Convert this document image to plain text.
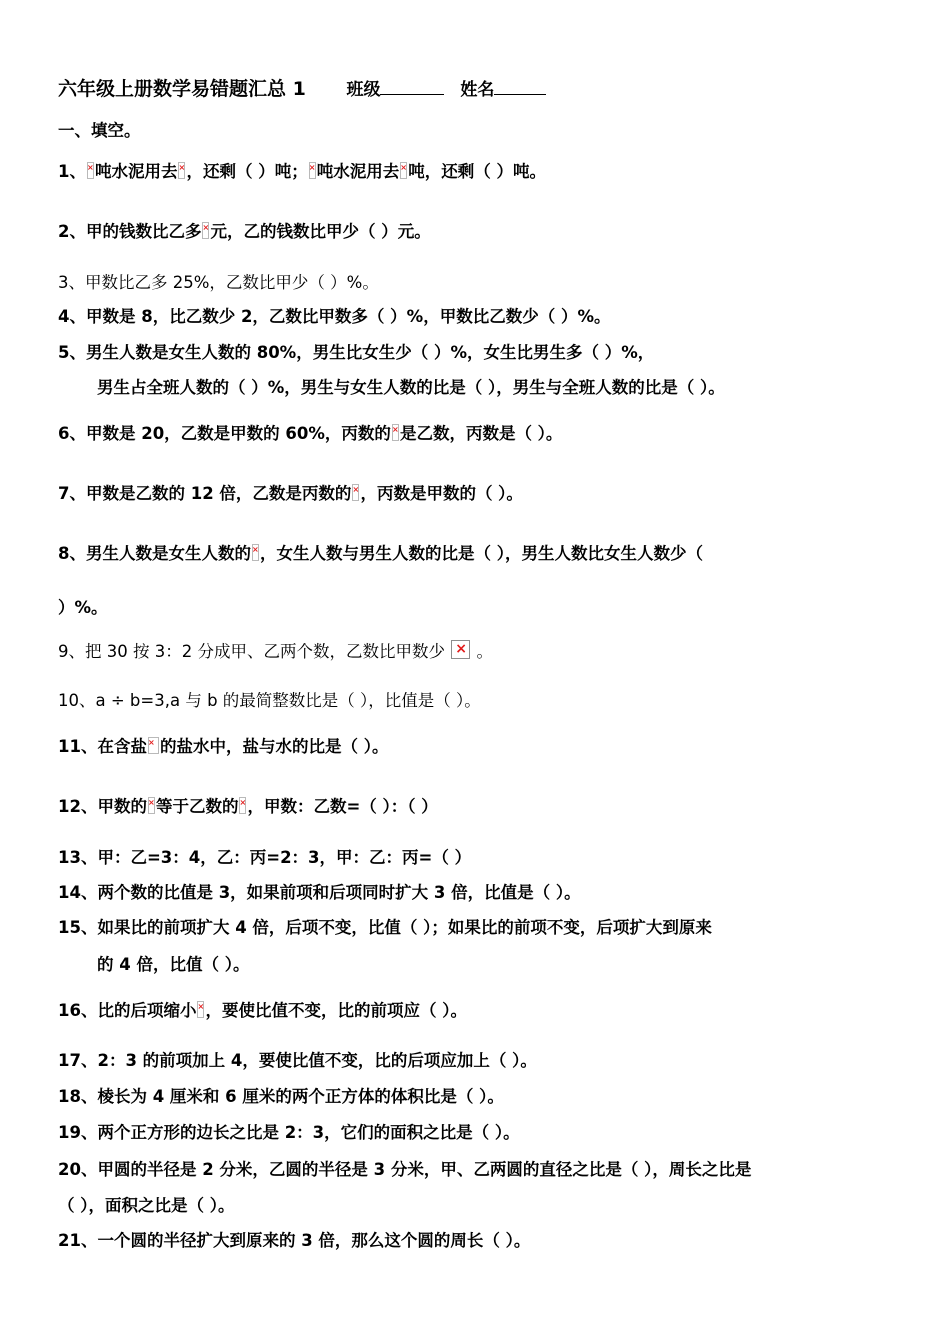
六年级上册数学易错题汇总 1 班级	姓名
一、填空。
1、 × 吨水泥用去 × ，还剩（ ）吨； × 吨水泥用去 × 吨，还剩（ ）吨。
2、甲的钱数比乙多 × 元，乙的钱数比甲少（ ）元。
3、甲数比乙多 25%，乙数比甲少（ ）%。
4、甲数是 8，比乙数少 2，乙数比甲数多（ ）%，甲数比乙数少（ ）%。
5、男生人数是女生人数的 80%，男生比女生少（ ）%，女生比男生多（ ）%，
男生占全班人数的（ ）%，男生与女生人数的比是（ ），男生与全班人数的比是（ ）。
6、甲数是 20，乙数是甲数的 60%，丙数的 × 是乙数，丙数是（ ）。
7、甲数是乙数的 12 倍，乙数是丙数的 × ，丙数是甲数的（ ）。
8、男生人数是女生人数的 × ，女生人数与男生人数的比是（ ），男生人数比女生人数少（
）%。
9、把 30 按 3：2 分成甲、乙两个数，乙数比甲数少 × 。
10、a ÷ b=3,a 与 b 的最简整数比是（ ），比值是（ ）。
11、在含盐 × 的盐水中，盐与水的比是（ ）。
12、甲数的 × 等于乙数的 × ，甲数：乙数=（ ）：（ ）
13、甲：乙=3：4，乙：丙=2：3，甲：乙：丙=（ ）
14、两个数的比值是 3，如果前项和后项同时扩大 3 倍，比值是（ ）。
15、如果比的前项扩大 4 倍，后项不变，比值（ ）；如果比的前项不变，后项扩大到原来
的 4 倍，比值（ ）。
16、比的后项缩小 × ，要使比值不变，比的前项应（ ）。
17、2：3 的前项加上 4，要使比值不变，比的后项应加上（ ）。
18、棱长为 4 厘米和 6 厘米的两个正方体的体积比是（ ）。
19、两个正方形的边长之比是 2：3，它们的面积之比是（ ）。
20、甲圆的半径是 2 分米，乙圆的半径是 3 分米，甲、乙两圆的直径之比是（ ），周长之比是
（ ），面积之比是（ ）。
21、一个圆的半径扩大到原来的 3 倍，那么这个圆的周长（ ）。
